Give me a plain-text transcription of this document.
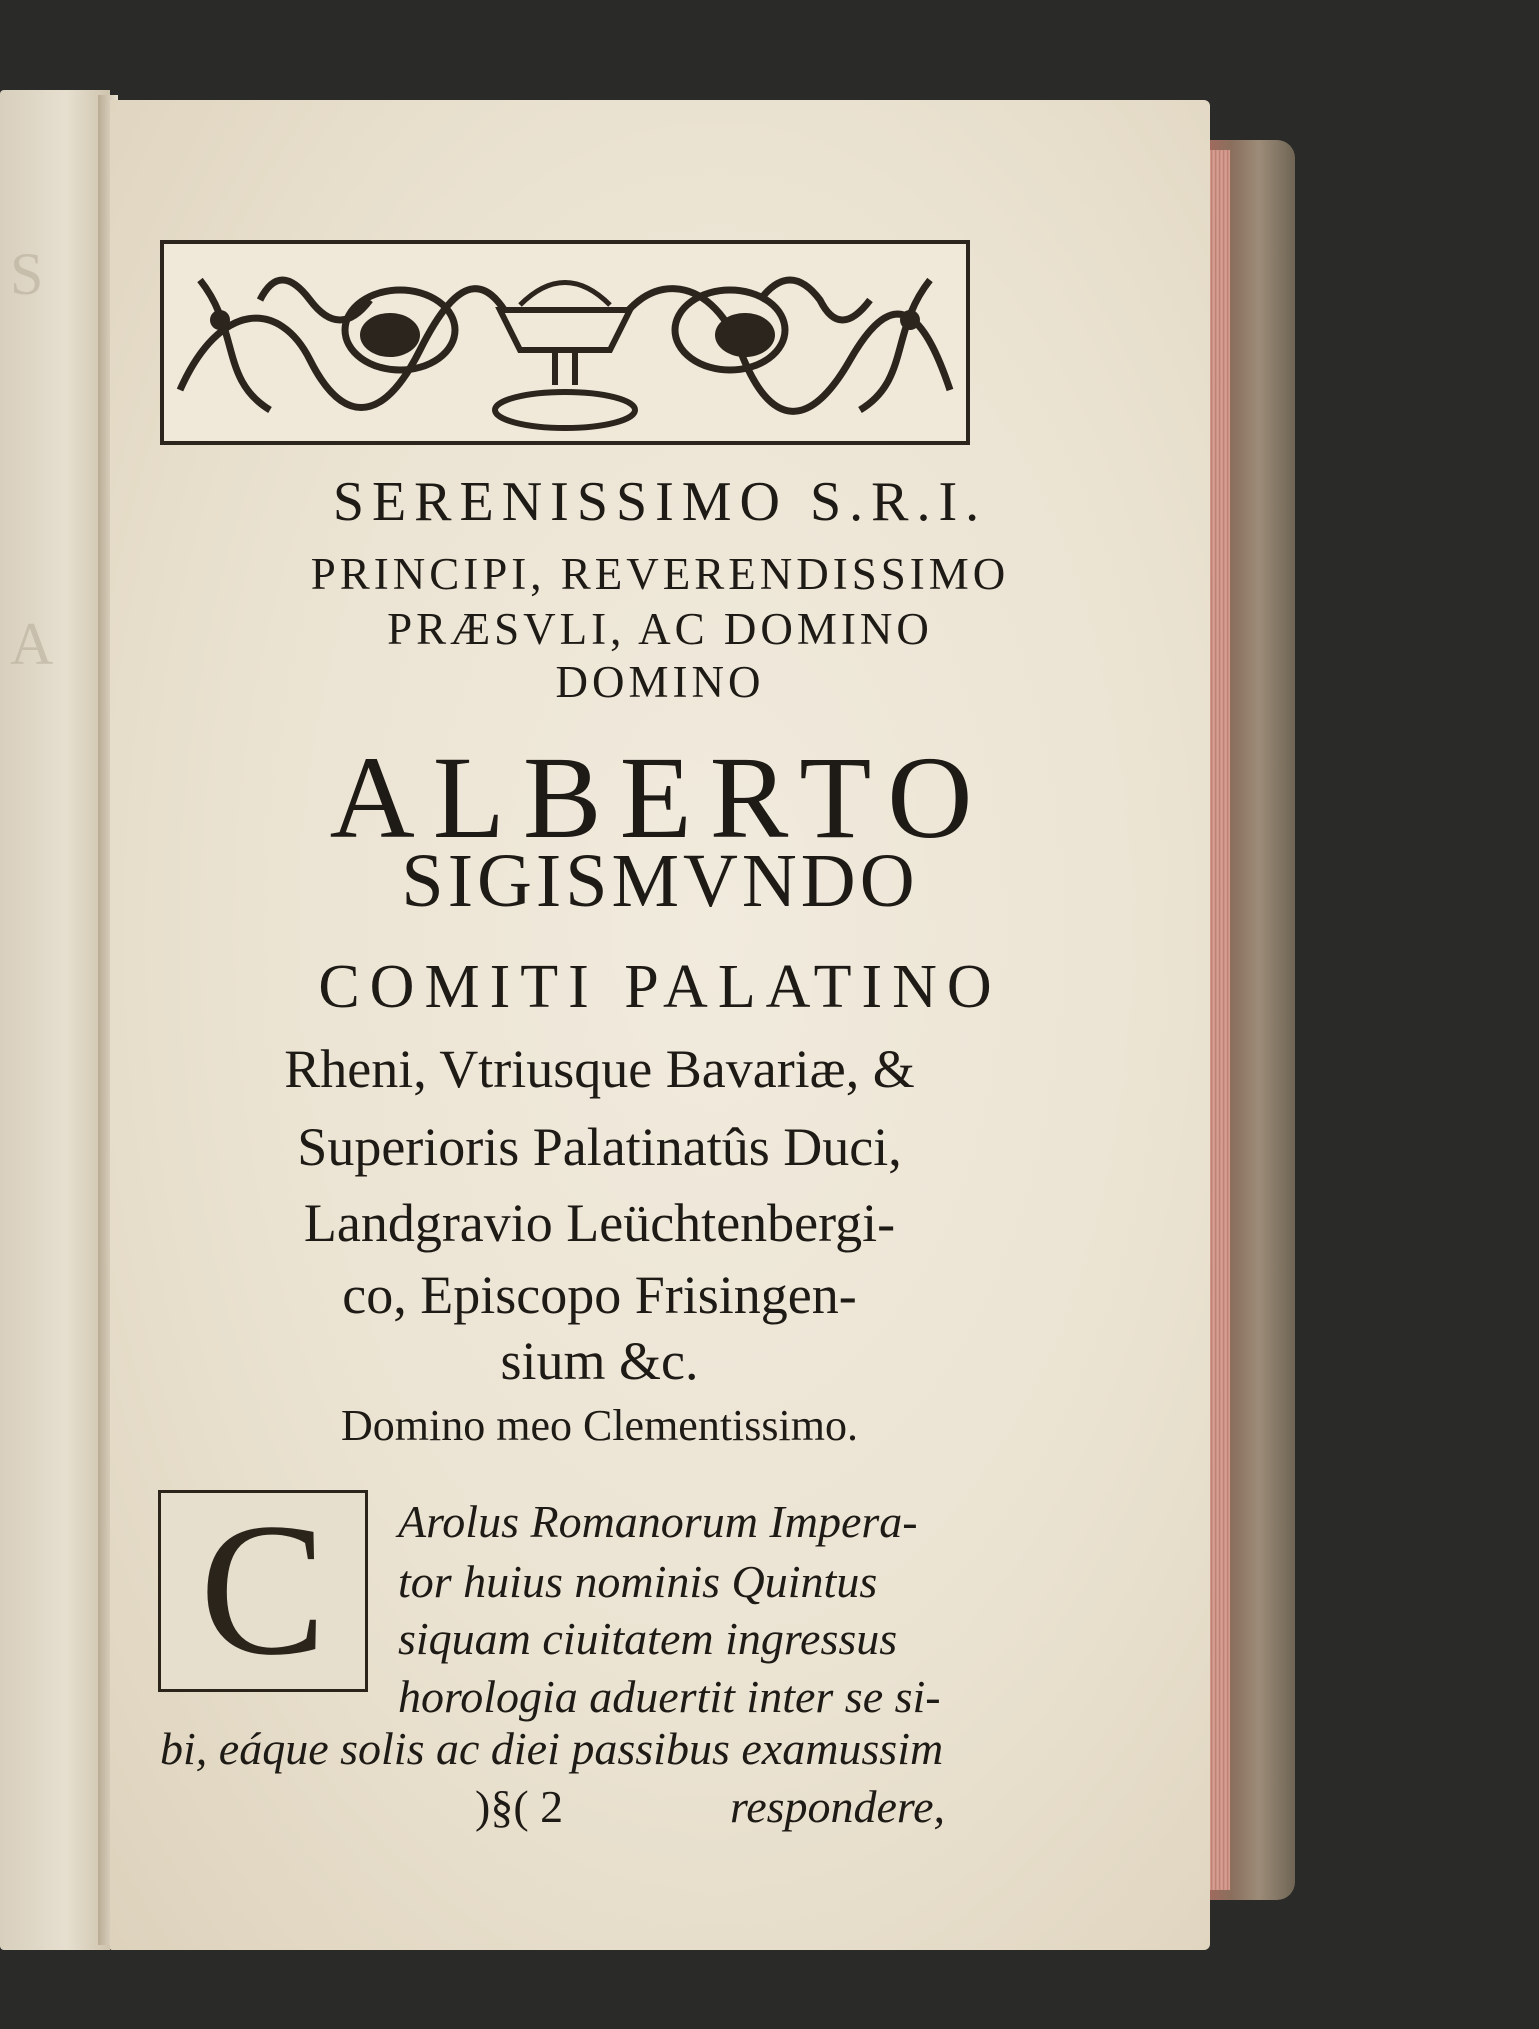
S
A
SERENISSIMO S.R.I.
PRINCIPI, REVERENDISSIMO
PRÆSVLI, AC DOMINO
DOMINO
ALBERTO
SIGISMVNDO
COMITI PALATINO
Rheni, Vtriusque Bavariæ, &
Superioris Palatinatûs Duci,
Landgravio Leüchtenbergi-
co, Episcopo Frisingen-
sium &c.
Domino meo Clementissimo.
C	Arolus Romanorum Impera-
tor huius nominis Quintus
siquam ciuitatem ingressus
horologia aduertit inter se si-
bi, eáque solis ac diei passibus examussim
)§( 2	respondere,
